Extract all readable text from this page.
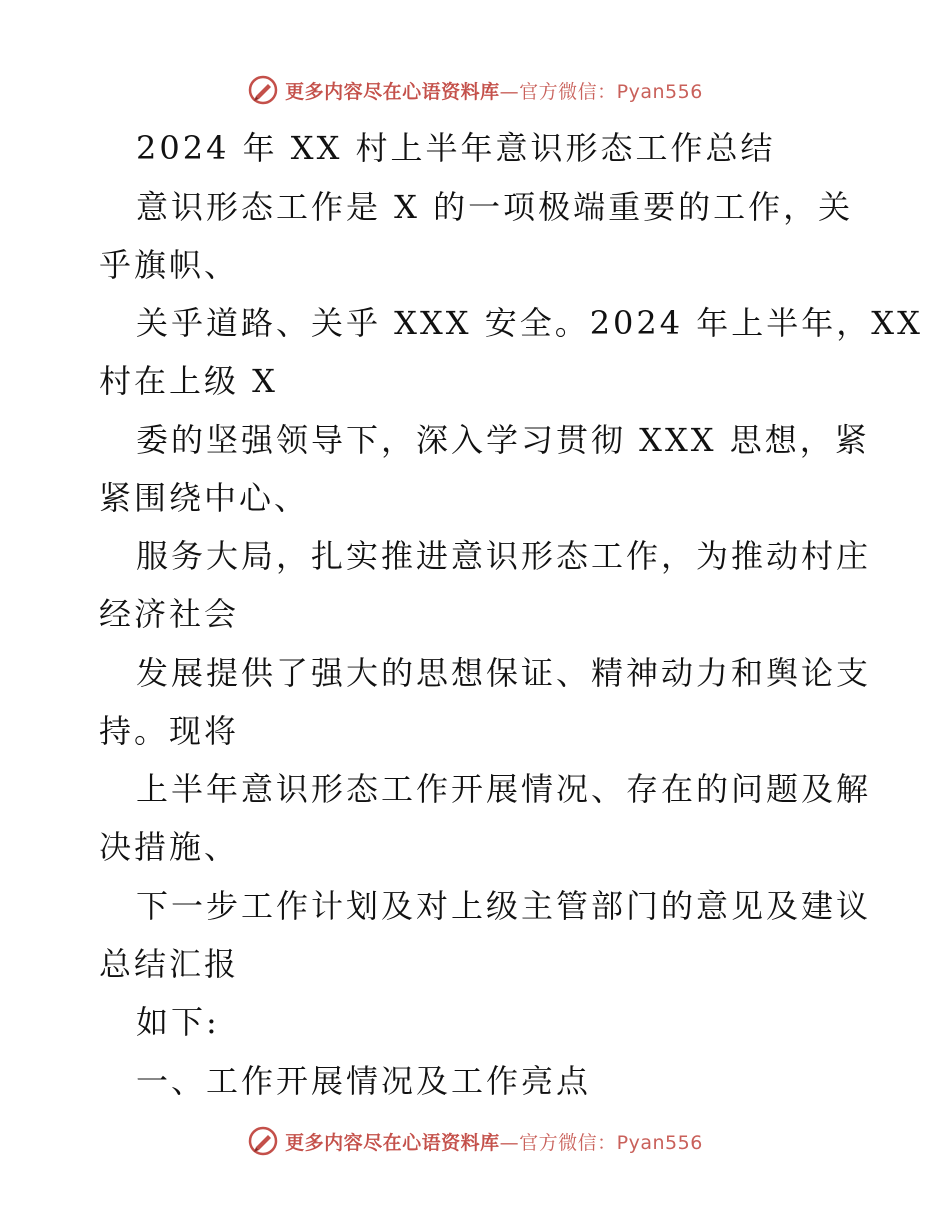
更多内容尽在心语资料库—官方微信：Pyan556
2024 年 XX 村上半年意识形态工作总结
意识形态工作是 X 的一项极端重要的工作，关
乎旗帜、
关乎道路、关乎 XXX 安全。2024 年上半年，XX
村在上级 X
委的坚强领导下，深入学习贯彻 XXX 思想，紧
紧围绕中心、
服务大局，扎实推进意识形态工作，为推动村庄
经济社会
发展提供了强大的思想保证、精神动力和舆论支
持。现将
上半年意识形态工作开展情况、存在的问题及解
决措施、
下一步工作计划及对上级主管部门的意见及建议
总结汇报
如下:
一、工作开展情况及工作亮点
更多内容尽在心语资料库—官方微信：Pyan556
